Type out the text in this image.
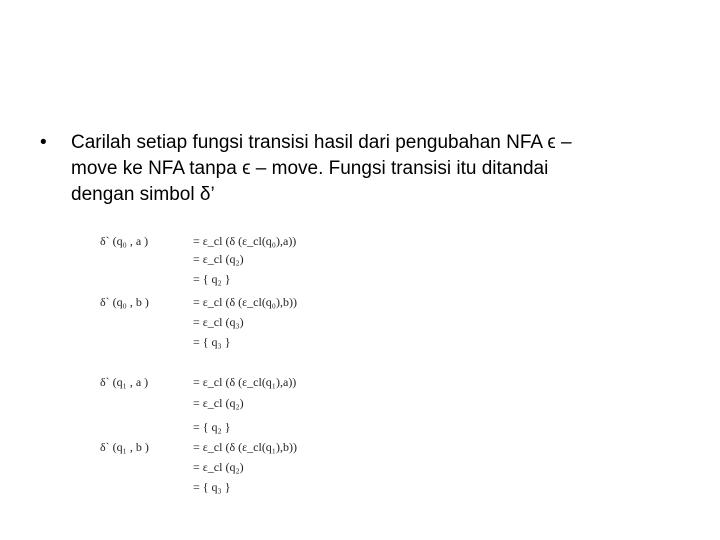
• Carilah setiap fungsi transisi hasil dari pengubahan NFA ϵ –
move ke NFA tanpa ϵ – move. Fungsi transisi itu ditandai
dengan simbol δ’
δ` (q₀ , a )	= ε_cl (δ (ε_cl(q₀),a))
= ε_cl (q₂)
= { q₂ }
δ` (q₀ , b )	= ε_cl (δ (ε_cl(q₀),b))
= ε_cl (q₃)
= { q₃ }
δ` (q₁ , a )	= ε_cl (δ (ε_cl(q₁),a))
= ε_cl (q₂)
= { q₂ }
δ` (q₁ , b )	= ε_cl (δ (ε_cl(q₁),b))
= ε_cl (q₂)
= { q₃ }
